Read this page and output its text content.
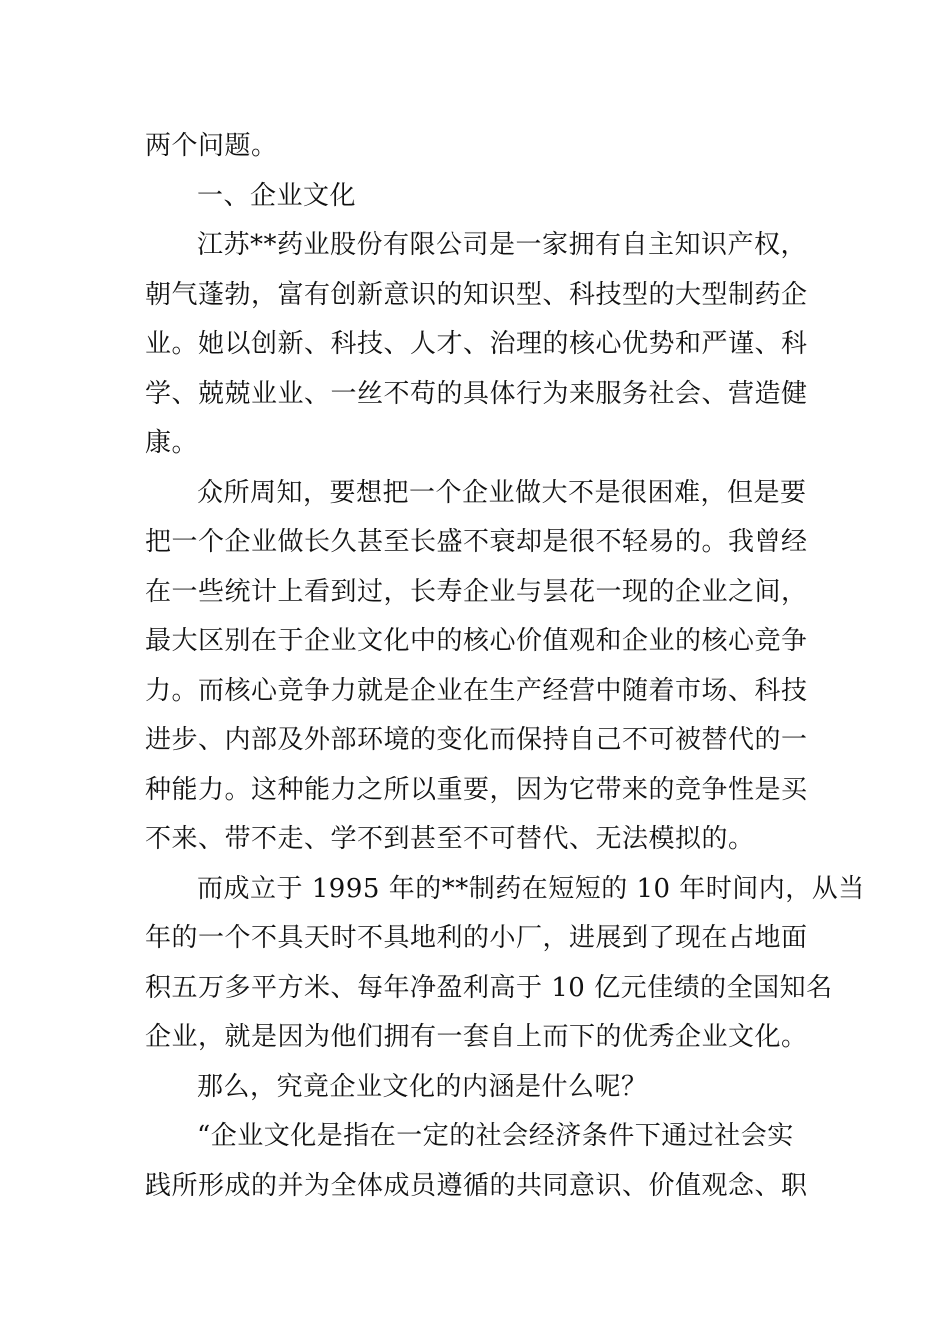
两个问题。
一、企业文化
江苏**药业股份有限公司是一家拥有自主知识产权，
朝气蓬勃，富有创新意识的知识型、科技型的大型制药企
业。她以创新、科技、人才、治理的核心优势和严谨、科
学、兢兢业业、一丝不苟的具体行为来服务社会、营造健
康。
众所周知，要想把一个企业做大不是很困难，但是要
把一个企业做长久甚至长盛不衰却是很不轻易的。我曾经
在一些统计上看到过，长寿企业与昙花一现的企业之间，
最大区别在于企业文化中的核心价值观和企业的核心竞争
力。而核心竞争力就是企业在生产经营中随着市场、科技
进步、内部及外部环境的变化而保持自己不可被替代的一
种能力。这种能力之所以重要，因为它带来的竞争性是买
不来、带不走、学不到甚至不可替代、无法模拟的。
而成立于 1995 年的**制药在短短的 10 年时间内，从当
年的一个不具天时不具地利的小厂，进展到了现在占地面
积五万多平方米、每年净盈利高于 10 亿元佳绩的全国知名
企业，就是因为他们拥有一套自上而下的优秀企业文化。
那么，究竟企业文化的内涵是什么呢？
“企业文化是指在一定的社会经济条件下通过社会实
践所形成的并为全体成员遵循的共同意识、价值观念、职
